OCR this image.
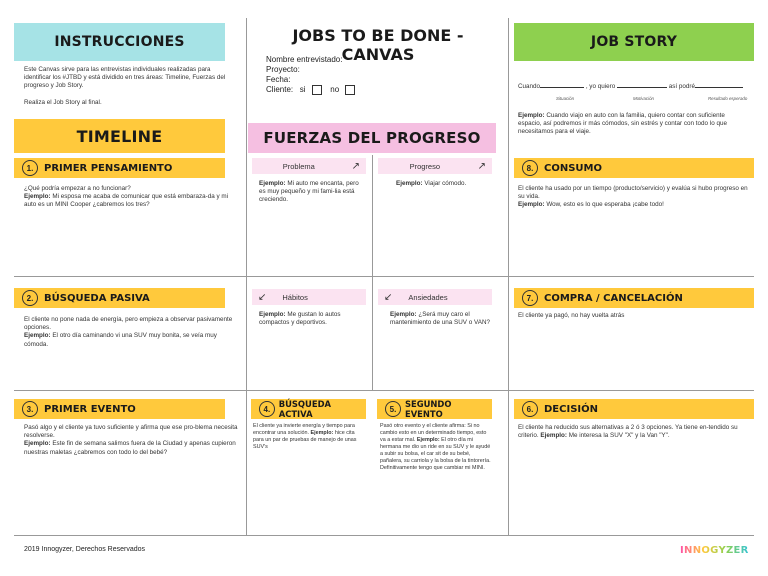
INSTRUCCIONES
Este Canvas sirve para las entrevistas individuales realizadas para identificar los #JTBD y está dividido en tres áreas: Timeline, Fuerzas del progreso y Job Story.

Realiza el Job Story al final.
JOBS TO BE DONE - CANVAS
Nombre entrevistado:
Proyecto:
Fecha:
Cliente: si	no
JOB STORY
Cuando	, yo quiero	así podré
Situación	Motivación	Resultado esperado
Ejemplo: Cuando viajo en auto con la familia, quiero contar con suficiente espacio, así podremos ir más cómodos, sin estrés y contar con todo lo que necesitamos para el viaje.
TIMELINE
1.	PRIMER PENSAMIENTO
¿Qué podría empezar a no funcionar?
Ejemplo: Mi esposa me acaba de comunicar que está embaraza-da y mi auto es un MINI Cooper ¿cabremos los tres?
2.	BÚSQUEDA PASIVA
El cliente no pone nada de energía, pero empieza a observar pasivamente opciones.
Ejemplo: El otro día caminando vi una SUV muy bonita, se veía muy cómoda.
3.	PRIMER EVENTO
Pasó algo y el cliente ya tuvo suficiente y afirma que ese pro-blema necesita resolverse.
Ejemplo: Este fin de semana salimos fuera de la Ciudad y apenas cupieron nuestras maletas ¿cabremos con todo lo del bebé?
FUERZAS DEL PROGRESO
Problema	↗
Ejemplo: Mi auto me encanta, pero es muy pequeño y mi fami-lia está creciendo.
Progreso	↗
Ejemplo: Viajar cómodo.
↙ Hábitos
Ejemplo: Me gustan lo autos compactos y deportivos.
↙ Ansiedades
Ejemplo: ¿Será muy caro el mantenimiento de una SUV o VAN?
4.	BÚSQUEDA ACTIVA
El cliente ya invierte energía y tiempo para encontrar una solución. Ejemplo: hice cita para un par de pruebas de manejo de unas SUV's
5.	SEGUNDO EVENTO
Pasó otro evento y el cliente afirma: Si no cambio esto en un determinado tiempo, esto va a estar mal. Ejemplo: El otro día mi hermana me dio un ride en su SUV y le ayudé a subir su bolsa, el car sit de su bebé, pañalera, su carriola y la bolsa de la tintorería. Definitivamente tengo que cambiar mi MINI.
8.	CONSUMO
El cliente ha usado por un tiempo (producto/servicio) y evalúa si hubo progreso en su vida.
Ejemplo: Wow, esto es lo que esperaba ¡cabe todo!
7.	COMPRA / CANCELACIÓN
El cliente ya pagó, no hay vuelta atrás
6.	DECISIÓN
El cliente ha reducido sus alternativas a 2 ó 3 opciones. Ya tiene en-tendido su criterio. Ejemplo: Me interesa la SUV "X" y la Van "Y".
2019 Innogyzer, Derechos Reservados	INNOGYZER
